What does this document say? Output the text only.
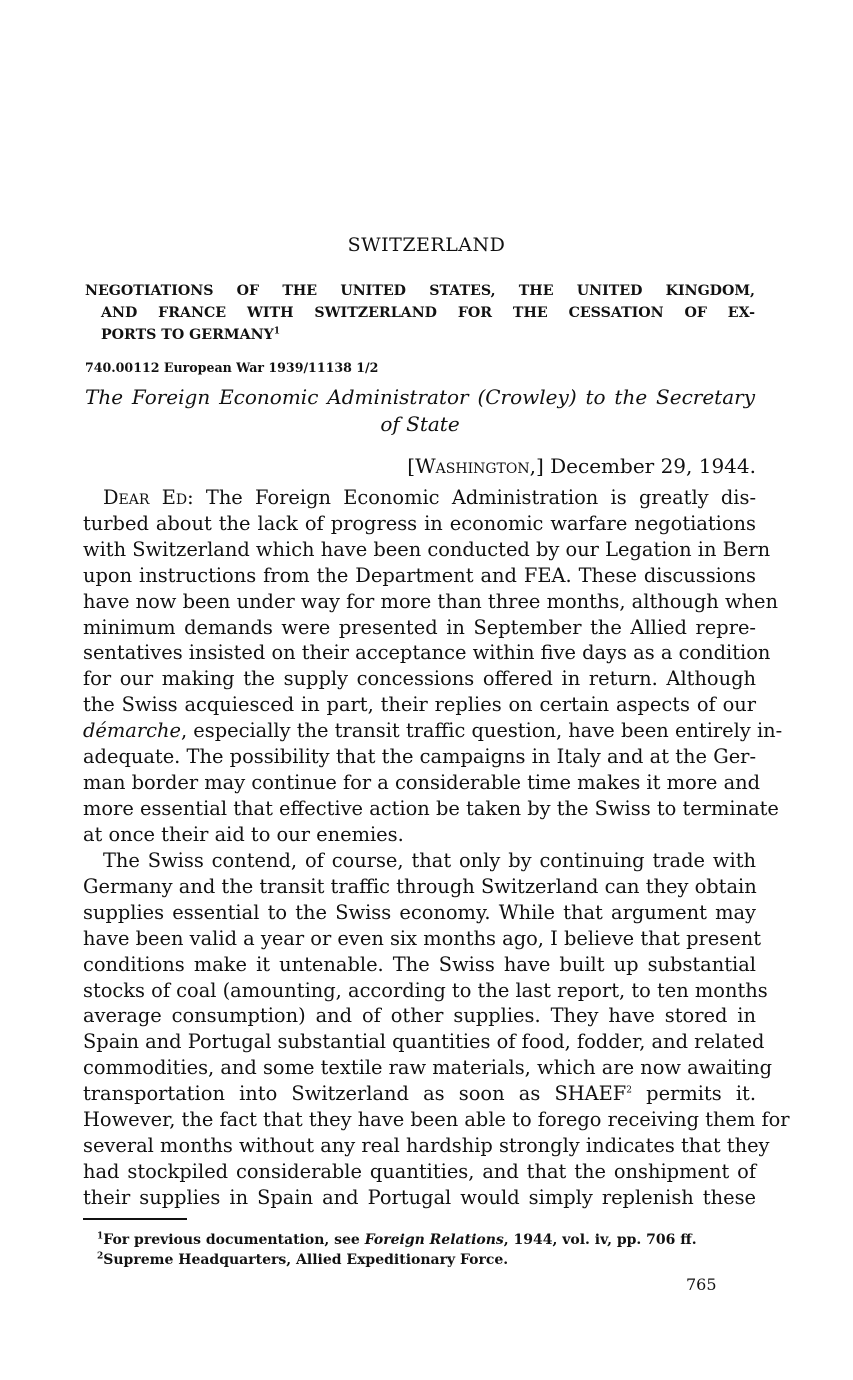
SWITZERLAND
NEGOTIATIONS OF THE UNITED STATES, THE UNITED KINGDOM,
AND FRANCE WITH SWITZERLAND FOR THE CESSATION OF EX-
PORTS TO GERMANY$^1$
740.00112 European War 1939/11138 1/2
The Foreign Economic Administrator (Crowley) to the Secretary
of State
[Washington,] December 29, 1944.
Dear Ed: The Foreign Economic Administration is greatly dis-
turbed about the lack of progress in economic warfare negotiations
with Switzerland which have been conducted by our Legation in Bern
upon instructions from the Department and FEA. These discussions
have now been under way for more than three months, although when
minimum demands were presented in September the Allied repre-
sentatives insisted on their acceptance within five days as a condition
for our making the supply concessions offered in return. Although
the Swiss acquiesced in part, their replies on certain aspects of our
démarche, especially the transit traffic question, have been entirely in-
adequate. The possibility that the campaigns in Italy and at the Ger-
man border may continue for a considerable time makes it more and
more essential that effective action be taken by the Swiss to terminate
at once their aid to our enemies.
The Swiss contend, of course, that only by continuing trade with
Germany and the transit traffic through Switzerland can they obtain
supplies essential to the Swiss economy. While that argument may
have been valid a year or even six months ago, I believe that present
conditions make it untenable. The Swiss have built up substantial
stocks of coal (amounting, according to the last report, to ten months
average consumption) and of other supplies. They have stored in
Spain and Portugal substantial quantities of food, fodder, and related
commodities, and some textile raw materials, which are now awaiting
transportation into Switzerland as soon as SHAEF$^2$ permits it.
However, the fact that they have been able to forego receiving them for
several months without any real hardship strongly indicates that they
had stockpiled considerable quantities, and that the onshipment of
their supplies in Spain and Portugal would simply replenish these
$^1$For previous documentation, see Foreign Relations, 1944, vol. iv, pp. 706 ff.
$^2$Supreme Headquarters, Allied Expeditionary Force.
765
